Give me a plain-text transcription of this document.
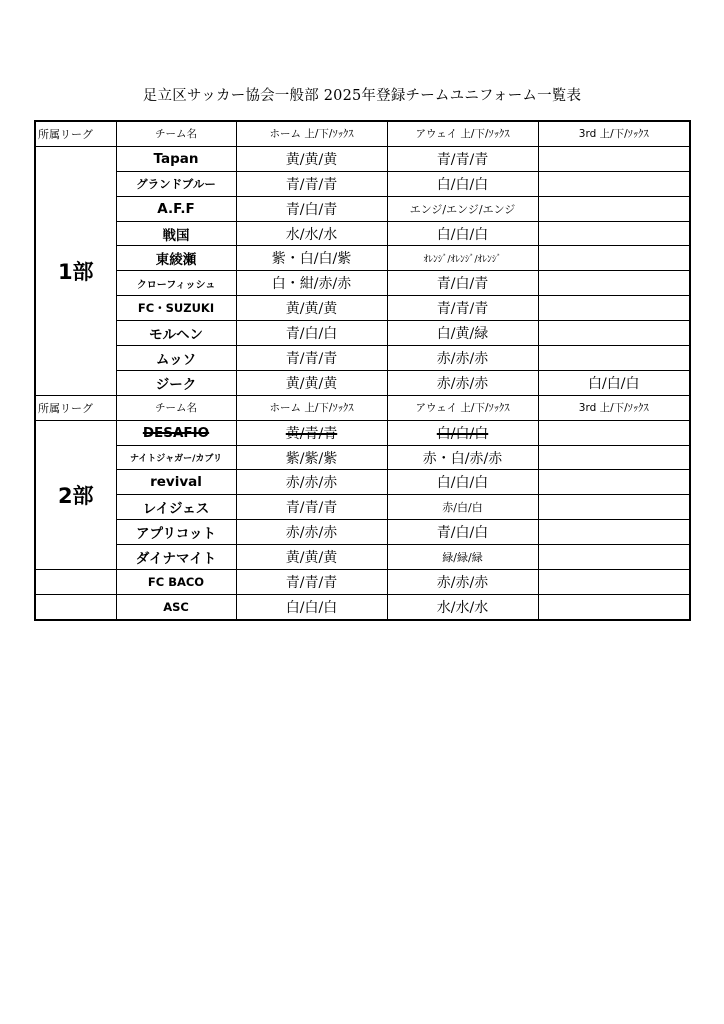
足立区サッカー協会一般部 2025年登録チームユニフォーム一覧表
所属リーグ	チーム名	ホーム 上/下/ｿｯｸｽ	アウェイ 上/下/ｿｯｸｽ	3rd 上/下/ｿｯｸｽ
1部	Tapan	黄/黄/黄	青/青/青	
	グランドブルー	青/青/青	白/白/白	
	A.F.F	青/白/青	エンジ/エンジ/エンジ	
	戦国	水/水/水	白/白/白	
	東綾瀬	紫・白/白/紫	ｵﾚﾝｼﾞ/ｵﾚﾝｼﾞ/ｵﾚﾝｼﾞ	
	クローフィッシュ	白・紺/赤/赤	青/白/青	
	FC・SUZUKI	黄/黄/黄	青/青/青	
	モルヘン	青/白/白	白/黄/緑	
	ムッソ	青/青/青	赤/赤/赤	
	ジーク	黄/黄/黄	赤/赤/赤	白/白/白
所属リーグ	チーム名	ホーム 上/下/ｿｯｸｽ	アウェイ 上/下/ｿｯｸｽ	3rd 上/下/ｿｯｸｽ
2部	DESAFIO	黄/青/青	白/白/白	
	ナイトジャガー/カブリ	紫/紫/紫	赤・白/赤/赤	
	revival	赤/赤/赤	白/白/白	
	レイジェス	青/青/青	赤/白/白	
	アプリコット	赤/赤/赤	青/白/白	
	ダイナマイト	黄/黄/黄	緑/緑/緑	
	FC BACO	青/青/青	赤/赤/赤	
	ASC	白/白/白	水/水/水	
